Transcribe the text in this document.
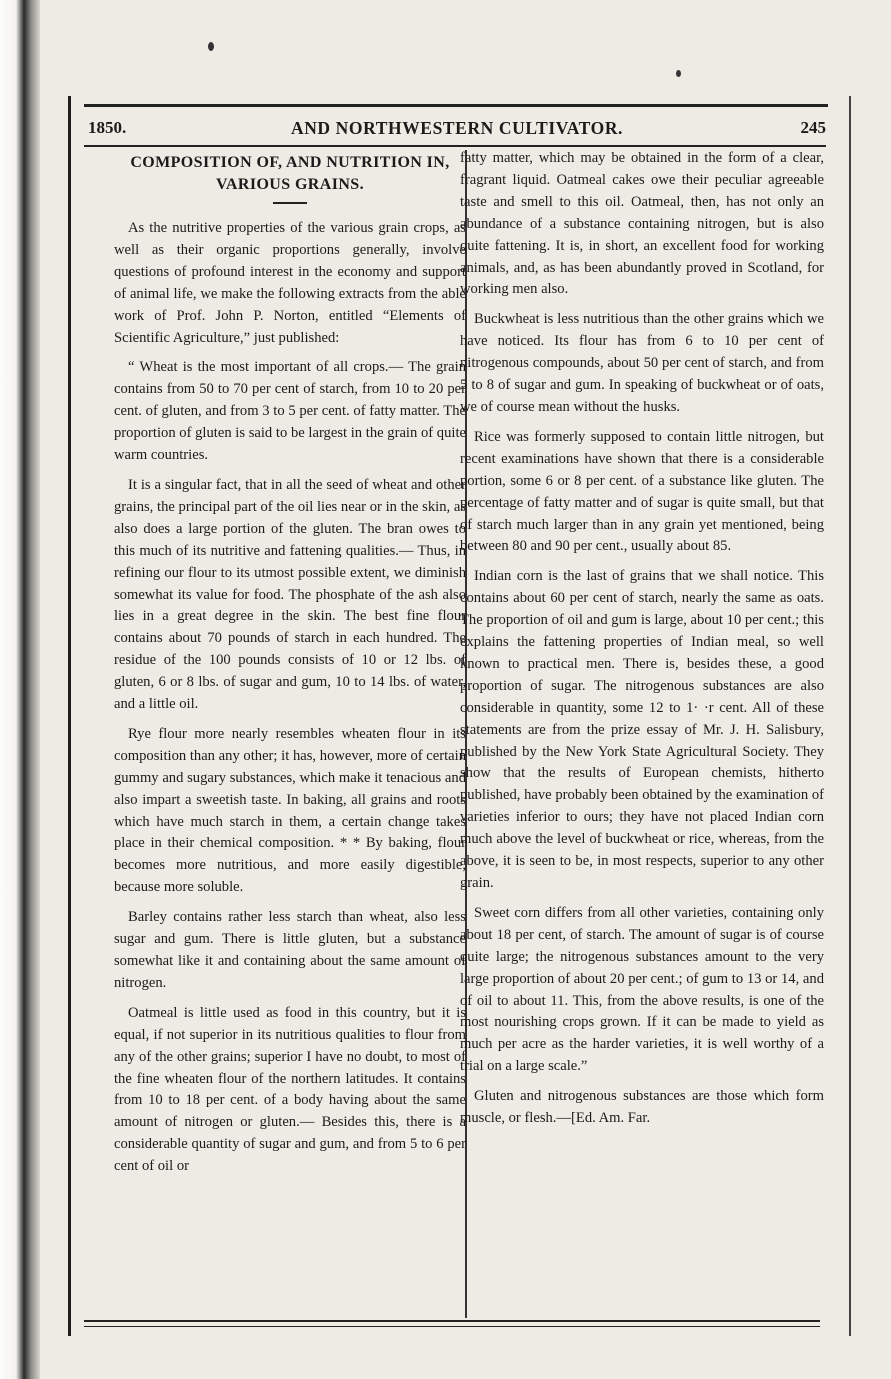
1850.	AND NORTHWESTERN CULTIVATOR.	245
COMPOSITION OF, AND NUTRITION IN, VARIOUS GRAINS.

As the nutritive properties of the various grain crops, as well as their organic proportions generally, involve questions of profound interest in the economy and support of animal life, we make the following extracts from the able work of Prof. John P. Norton, entitled “Elements of Scientific Agriculture,” just published:

“ Wheat is the most important of all crops.— The grain contains from 50 to 70 per cent of starch, from 10 to 20 per cent. of gluten, and from 3 to 5 per cent. of fatty matter. The proportion of gluten is said to be largest in the grain of quite warm countries.

It is a singular fact, that in all the seed of wheat and other grains, the principal part of the oil lies near or in the skin, as also does a large portion of the gluten. The bran owes to this much of its nutritive and fattening qualities.— Thus, in refining our flour to its utmost possible extent, we diminish somewhat its value for food. The phosphate of the ash also lies in a great degree in the skin. The best fine flour contains about 70 pounds of starch in each hundred. The residue of the 100 pounds consists of 10 or 12 lbs. of gluten, 6 or 8 lbs. of sugar and gum, 10 to 14 lbs. of water, and a little oil.

Rye flour more nearly resembles wheaten flour in its composition than any other; it has, however, more of certain gummy and sugary substances, which make it tenacious and also impart a sweetish taste. In baking, all grains and roots which have much starch in them, a certain change takes place in their chemical composition. * * By baking, flour becomes more nutritious, and more easily digestible, because more soluble.

Barley contains rather less starch than wheat, also less sugar and gum. There is little gluten, but a substance somewhat like it and containing about the same amount of nitrogen.

Oatmeal is little used as food in this country, but it is equal, if not superior in its nutritious qualities to flour from any of the other grains; superior I have no doubt, to most of the fine wheaten flour of the northern latitudes. It contains from 10 to 18 per cent. of a body having about the same amount of nitrogen or gluten.— Besides this, there is a considerable quantity of sugar and gum, and from 5 to 6 per cent of oil or

fatty matter, which may be obtained in the form of a clear, fragrant liquid. Oatmeal cakes owe their peculiar agreeable taste and smell to this oil. Oatmeal, then, has not only an abundance of a substance containing nitrogen, but is also quite fattening. It is, in short, an excellent food for working animals, and, as has been abundantly proved in Scotland, for working men also.

Buckwheat is less nutritious than the other grains which we have noticed. Its flour has from 6 to 10 per cent of nitrogenous compounds, about 50 per cent of starch, and from 5 to 8 of sugar and gum. In speaking of buckwheat or of oats, we of course mean without the husks.

Rice was formerly supposed to contain little nitrogen, but recent examinations have shown that there is a considerable portion, some 6 or 8 per cent. of a substance like gluten. The percentage of fatty matter and of sugar is quite small, but that of starch much larger than in any grain yet mentioned, being between 80 and 90 per cent., usually about 85.

Indian corn is the last of grains that we shall notice. This contains about 60 per cent of starch, nearly the same as oats. The proportion of oil and gum is large, about 10 per cent.; this explains the fattening properties of Indian meal, so well known to practical men. There is, besides these, a good proportion of sugar. The nitrogenous substances are also considerable in quantity, some 12 to 1· ·r cent. All of these statements are from the prize essay of Mr. J. H. Salisbury, published by the New York State Agricultural Society. They show that the results of European chemists, hitherto published, have probably been obtained by the examination of varieties inferior to ours; they have not placed Indian corn much above the level of buckwheat or rice, whereas, from the above, it is seen to be, in most respects, superior to any other grain.

Sweet corn differs from all other varieties, containing only about 18 per cent, of starch. The amount of sugar is of course quite large; the nitrogenous substances amount to the very large proportion of about 20 per cent.; of gum to 13 or 14, and of oil to about 11. This, from the above results, is one of the most nourishing crops grown. If it can be made to yield as much per acre as the harder varieties, it is well worthy of a trial on a large scale.”

Gluten and nitrogenous substances are those which form muscle, or flesh.—[Ed. Am. Far.
